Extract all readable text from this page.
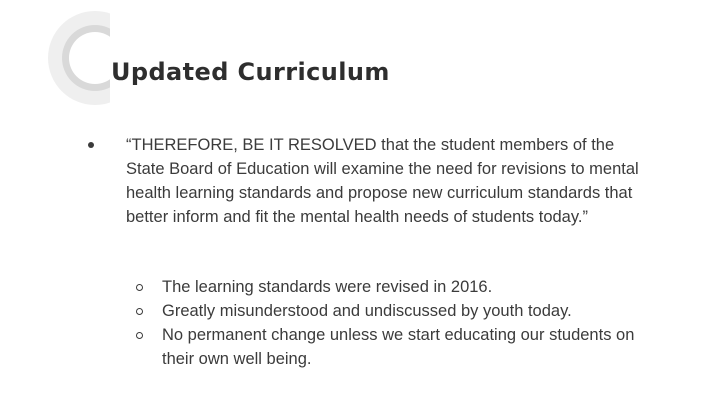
Updated Curriculum

“THEREFORE, BE IT RESOLVED that the student members of the State Board of Education will examine the need for revisions to mental health learning standards and propose new curriculum standards that better inform and fit the mental health needs of students today.”

The learning standards were revised in 2016.
Greatly misunderstood and undiscussed by youth today.
No permanent change unless we start educating our students on their own well being.
